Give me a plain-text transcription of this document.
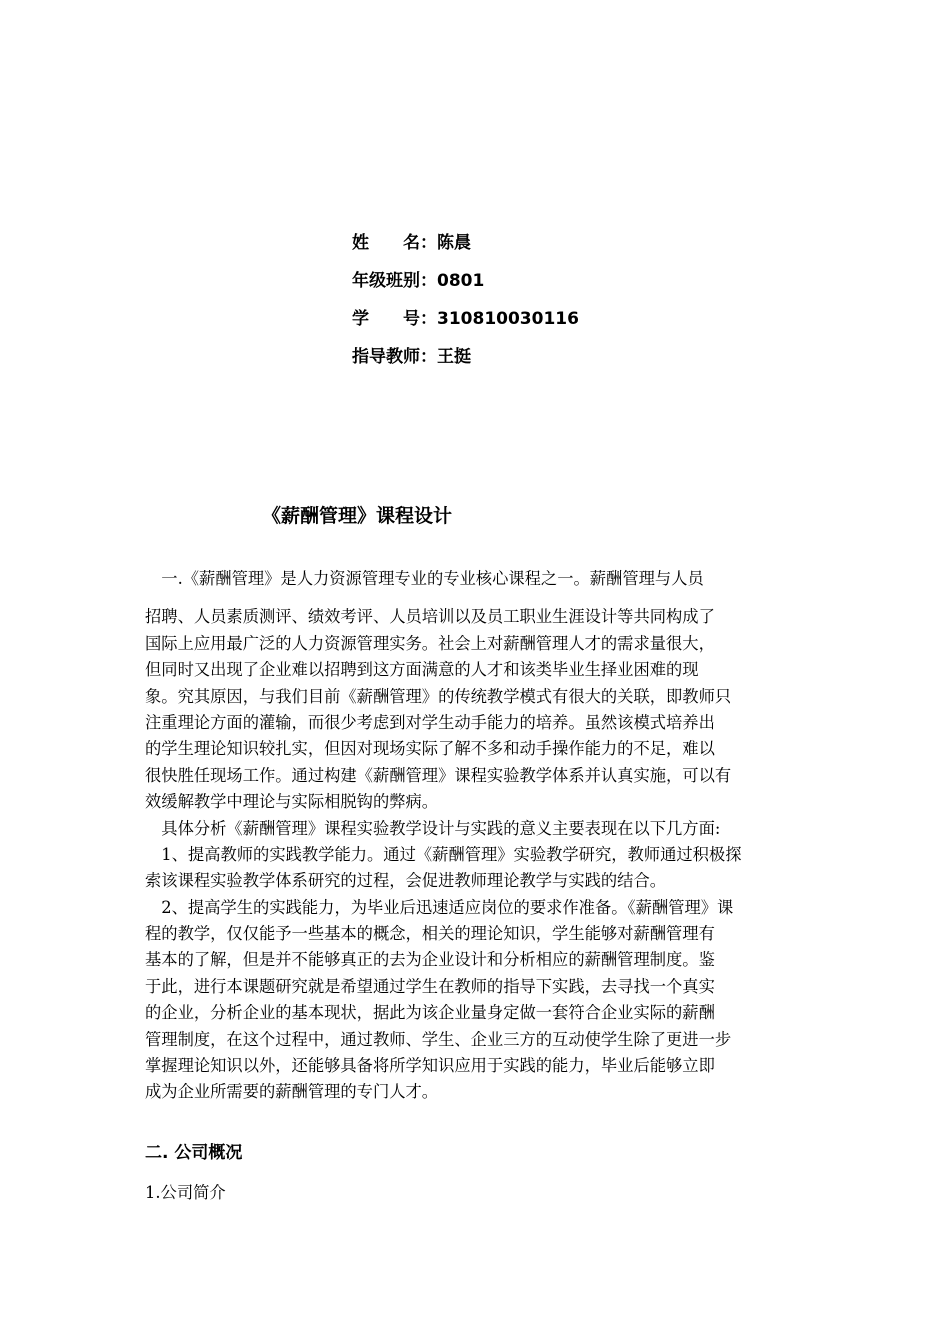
姓　　名：陈晨
年级班别：0801
学　　号：310810030116
指导教师：王挺
《薪酬管理》课程设计
　一.《薪酬管理》是人力资源管理专业的专业核心课程之一。薪酬管理与人员
招聘、人员素质测评、绩效考评、人员培训以及员工职业生涯设计等共同构成了
国际上应用最广泛的人力资源管理实务。社会上对薪酬管理人才的需求量很大，
但同时又出现了企业难以招聘到这方面满意的人才和该类毕业生择业困难的现
象。究其原因，与我们目前《薪酬管理》的传统教学模式有很大的关联，即教师只
注重理论方面的灌输，而很少考虑到对学生动手能力的培养。虽然该模式培养出
的学生理论知识较扎实，但因对现场实际了解不多和动手操作能力的不足，难以
很快胜任现场工作。通过构建《薪酬管理》课程实验教学体系并认真实施，可以有
效缓解教学中理论与实际相脱钩的弊病。
　具体分析《薪酬管理》课程实验教学设计与实践的意义主要表现在以下几方面:
　1、提高教师的实践教学能力。通过《薪酬管理》实验教学研究，教师通过积极探
索该课程实验教学体系研究的过程，会促进教师理论教学与实践的结合。
　2、提高学生的实践能力，为毕业后迅速适应岗位的要求作准备。《薪酬管理》课
程的教学，仅仅能予一些基本的概念，相关的理论知识，学生能够对薪酬管理有
基本的了解，但是并不能够真正的去为企业设计和分析相应的薪酬管理制度。鉴
于此，进行本课题研究就是希望通过学生在教师的指导下实践，去寻找一个真实
的企业，分析企业的基本现状，据此为该企业量身定做一套符合企业实际的薪酬
管理制度，在这个过程中，通过教师、学生、企业三方的互动使学生除了更进一步
掌握理论知识以外，还能够具备将所学知识应用于实践的能力，毕业后能够立即
成为企业所需要的薪酬管理的专门人才。
二. 公司概况
1.公司简介
